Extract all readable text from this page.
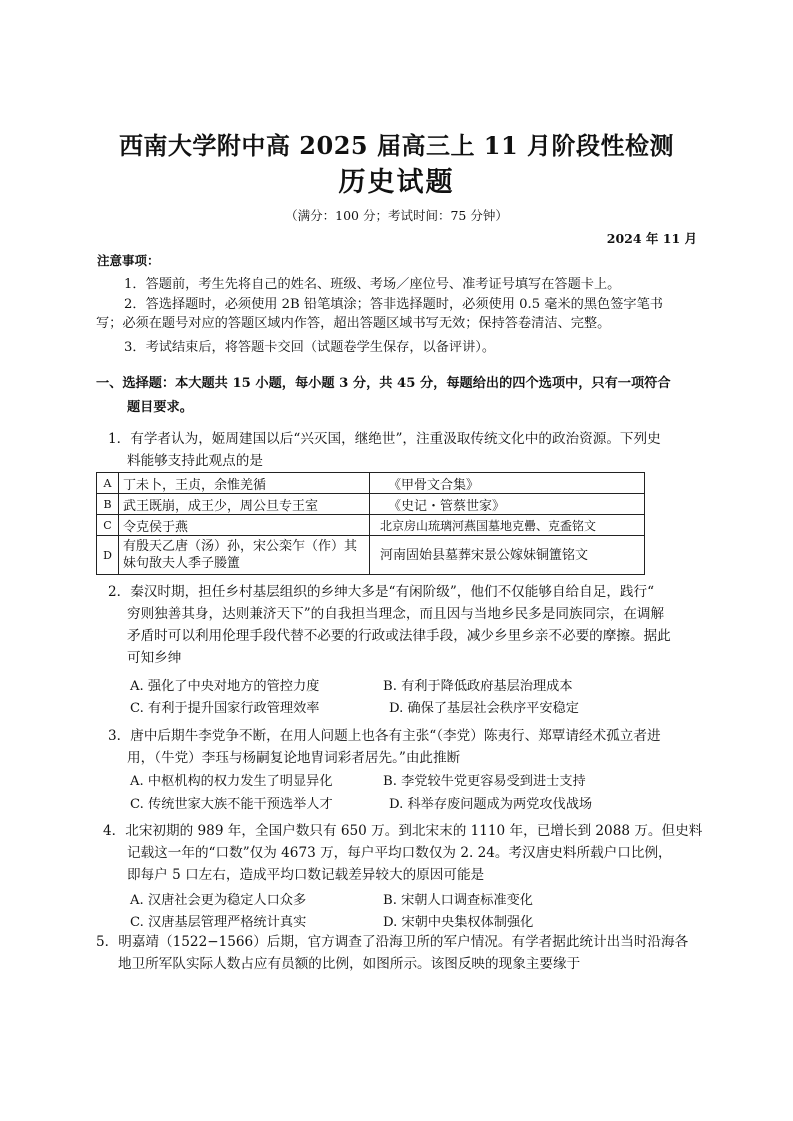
西南大学附中高 2025 届高三上 11 月阶段性检测
历史试题
（满分：100 分；考试时间：75 分钟）
2024 年 11 月
注意事项：
1．答题前，考生先将自己的姓名、班级、考场／座位号、准考证号填写在答题卡上。
2．答选择题时，必须使用 2B 铅笔填涂；答非选择题时，必须使用 0.5 毫米的黑色签字笔书
写；必须在题号对应的答题区域内作答，超出答题区域书写无效；保持答卷清洁、完整。
3．考试结束后，将答题卡交回（试题卷学生保存，以备评讲）。
一、选择题：本大题共 15 小题，每小题 3 分，共 45 分，每题给出的四个选项中，只有一项符合
题目要求。
1．有学者认为，姬周建国以后“兴灭国，继绝世”，注重汲取传统文化中的政治资源。下列史
料能够支持此观点的是
A	丁未卜，王贞，余惟羌循	《甲骨文合集》
B	武王既崩，成王少，周公旦专王室	《史记・管蔡世家》
C	令克侯于燕	北京房山琉璃河燕国墓地克罍、克盉铭文
D	有殷天乙唐（汤）孙，宋公栾乍（作）其
妹句敔夫人季子媵簠	河南固始县墓葬宋景公嫁妹铜簠铭文
2．秦汉时期，担任乡村基层组织的乡绅大多是“有闲阶级”，他们不仅能够自给自足，践行“
穷则独善其身，达则兼济天下”的自我担当理念，而且因与当地乡民多是同族同宗，在调解
矛盾时可以利用伦理手段代替不必要的行政或法律手段，减少乡里乡亲不必要的摩擦。据此
可知乡绅
A. 强化了中央对地方的管控力度	B. 有利于降低政府基层治理成本
C. 有利于提升国家行政管理效率	D. 确保了基层社会秩序平安稳定
3．唐中后期牛李党争不断，在用人问题上也各有主张“（李党）陈夷行、郑覃请经术孤立者进
用，（牛党）李珏与杨嗣复论地胄词彩者居先。”由此推断
A. 中枢机构的权力发生了明显异化	B. 李党较牛党更容易受到进士支持
C. 传统世家大族不能干预选举人才	D. 科举存废问题成为两党攻伐战场
4．北宋初期的 989 年，全国户数只有 650 万。到北宋末的 1110 年，已增长到 2088 万。但史料
记载这一年的“口数”仅为 4673 万，每户平均口数仅为 2. 24。考汉唐史料所载户口比例，
即每户 5 口左右，造成平均口数记载差异较大的原因可能是
A. 汉唐社会更为稳定人口众多	B. 宋朝人口调查标准变化
C. 汉唐基层管理严格统计真实	D. 宋朝中央集权体制强化
5．明嘉靖（1522−1566）后期，官方调查了沿海卫所的军户情况。有学者据此统计出当时沿海各
地卫所军队实际人数占应有员额的比例，如图所示。该图反映的现象主要缘于
